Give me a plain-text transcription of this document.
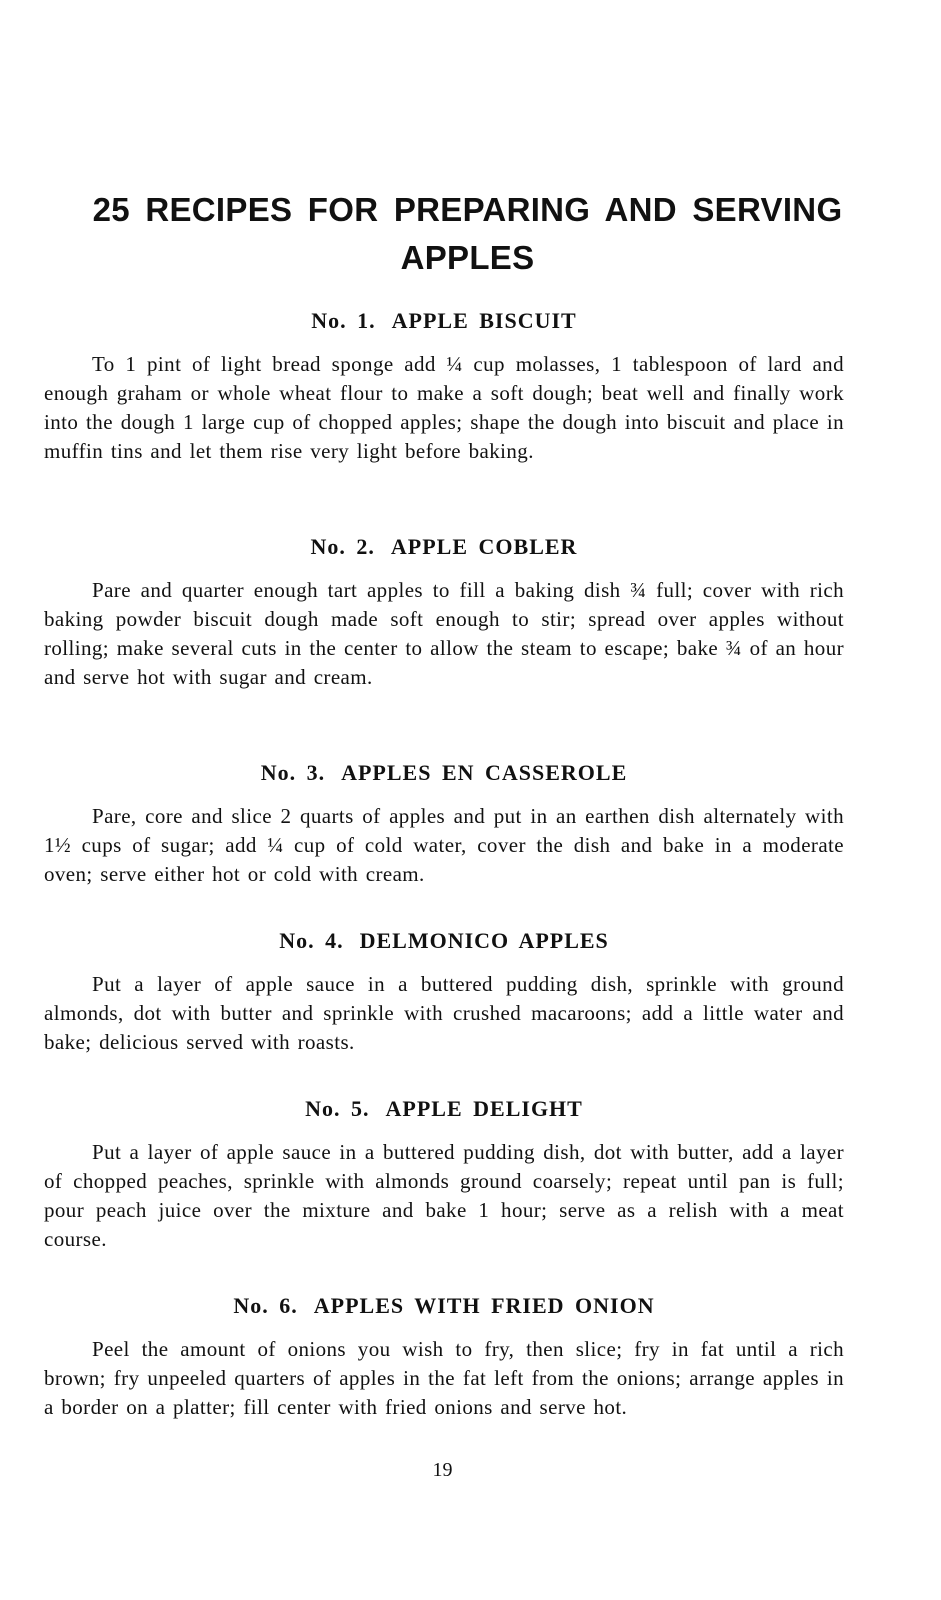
25 RECIPES FOR PREPARING AND SERVING
APPLES
No. 1. APPLE BISCUIT

To 1 pint of light bread sponge add ¼ cup molasses, 1 tablespoon of lard and enough graham or whole wheat flour to make a soft dough; beat well and finally work into the dough 1 large cup of chopped apples; shape the dough into biscuit and place in muffin tins and let them rise very light before baking.

No. 2. APPLE COBLER

Pare and quarter enough tart apples to fill a baking dish ¾ full; cover with rich baking powder biscuit dough made soft enough to stir; spread over apples without rolling; make several cuts in the center to allow the steam to escape; bake ¾ of an hour and serve hot with sugar and cream.

No. 3. APPLES EN CASSEROLE

Pare, core and slice 2 quarts of apples and put in an earthen dish alternately with 1½ cups of sugar; add ¼ cup of cold water, cover the dish and bake in a moderate oven; serve either hot or cold with cream.

No. 4. DELMONICO APPLES

Put a layer of apple sauce in a buttered pudding dish, sprinkle with ground almonds, dot with butter and sprinkle with crushed macaroons; add a little water and bake; delicious served with roasts.

No. 5. APPLE DELIGHT

Put a layer of apple sauce in a buttered pudding dish, dot with butter, add a layer of chopped peaches, sprinkle with almonds ground coarsely; repeat until pan is full; pour peach juice over the mixture and bake 1 hour; serve as a relish with a meat course.

No. 6. APPLES WITH FRIED ONION

Peel the amount of onions you wish to fry, then slice; fry in fat until a rich brown; fry unpeeled quarters of apples in the fat left from the onions; arrange apples in a border on a platter; fill center with fried onions and serve hot.

19
